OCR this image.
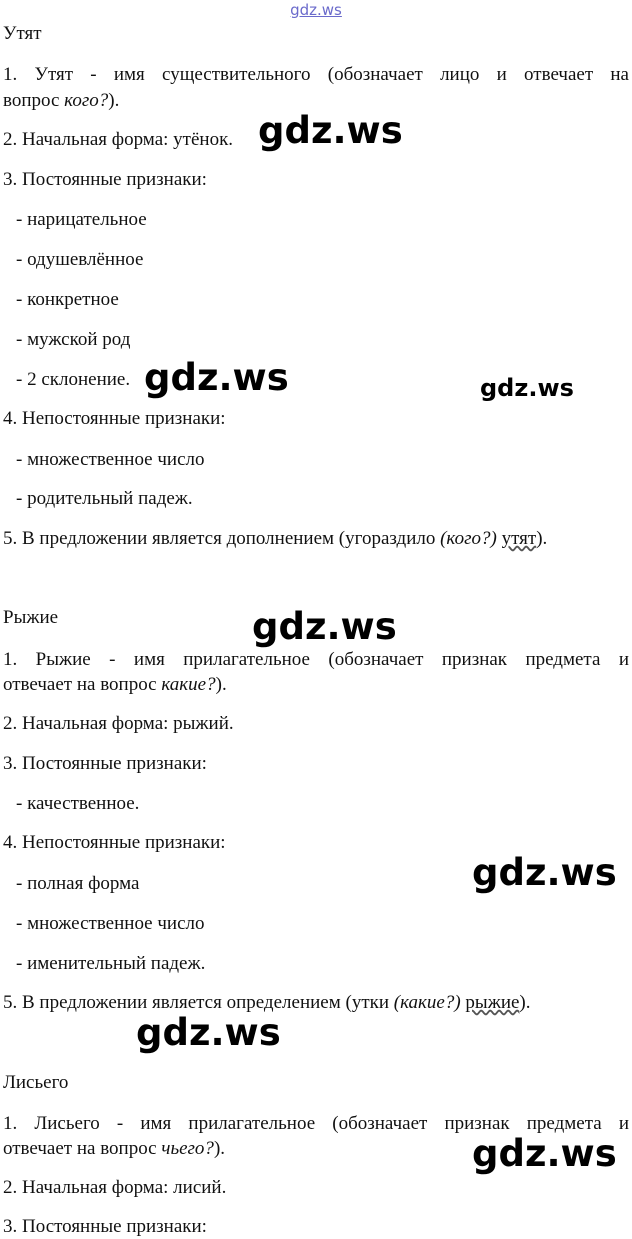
gdz.ws
Утят
1. Утят - имя существительного (обозначает лицо и отвечает на
вопрос кого?).
2. Начальная форма: утёнок.
3. Постоянные признаки:
- нарицательное
- одушевлённое
- конкретное
- мужской род
- 2 склонение.
4. Непостоянные признаки:
- множественное число
- родительный падеж.
5. В предложении является дополнением (угораздило (кого?) утят).
Рыжие
1. Рыжие - имя прилагательное (обозначает признак предмета и
отвечает на вопрос какие?).
2. Начальная форма: рыжий.
3. Постоянные признаки:
- качественное.
4. Непостоянные признаки:
- полная форма
- множественное число
- именительный падеж.
5. В предложении является определением (утки (какие?) рыжие).
Лисьего
1. Лисьего - имя прилагательное (обозначает признак предмета и
отвечает на вопрос чьего?).
2. Начальная форма: лисий.
3. Постоянные признаки:
gdz.ws
gdz.ws	gdz.ws
gdz.ws
gdz.ws
gdz.ws
gdz.ws
